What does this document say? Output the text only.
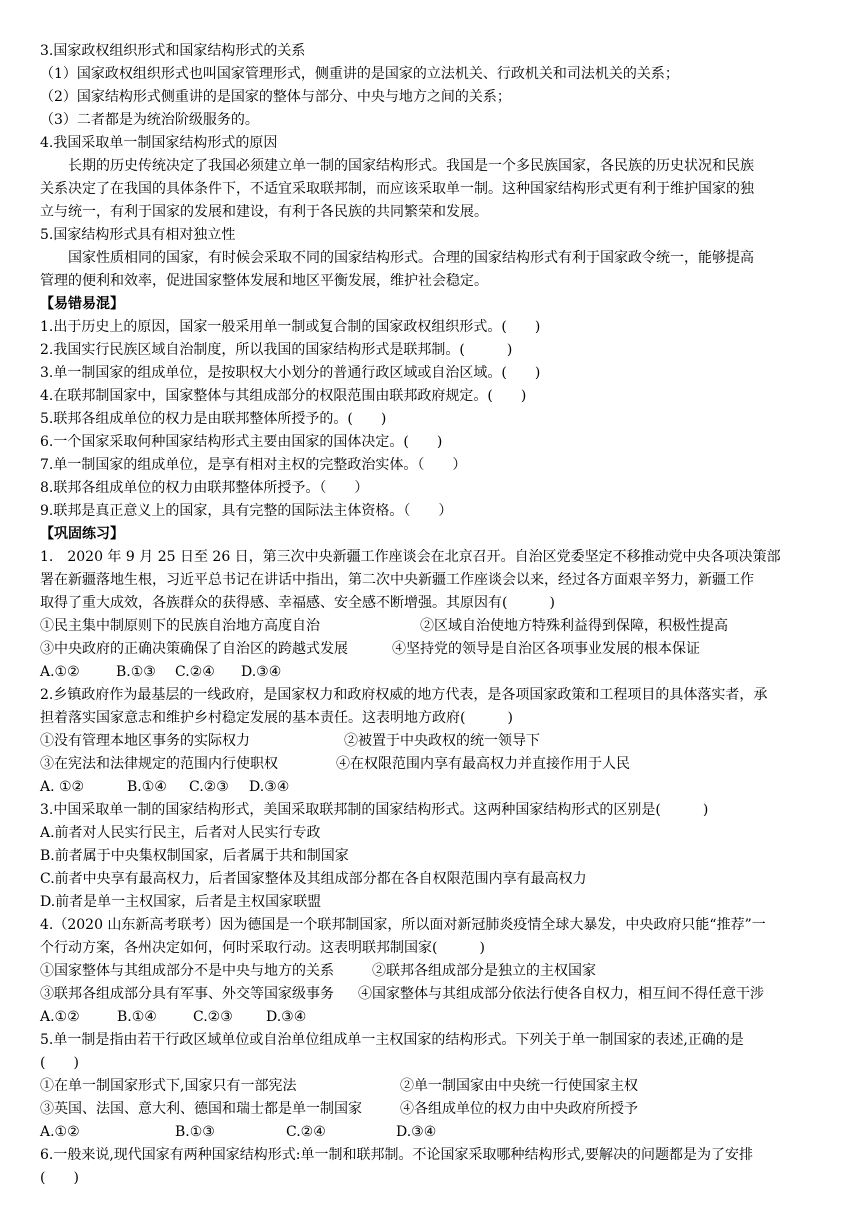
3.国家政权组织形式和国家结构形式的关系
（1）国家政权组织形式也叫国家管理形式，侧重讲的是国家的立法机关、行政机关和司法机关的关系；
（2）国家结构形式侧重讲的是国家的整体与部分、中央与地方之间的关系；
（3）二者都是为统治阶级服务的。
4.我国采取单一制国家结构形式的原因
长期的历史传统决定了我国必须建立单一制的国家结构形式。我国是一个多民族国家，各民族的历史状况和民族
关系决定了在我国的具体条件下，不适宜采取联邦制，而应该采取单一制。这种国家结构形式更有利于维护国家的独
立与统一，有利于国家的发展和建设，有利于各民族的共同繁荣和发展。
5.国家结构形式具有相对独立性
国家性质相同的国家，有时候会采取不同的国家结构形式。合理的国家结构形式有利于国家政令统一，能够提高
管理的便利和效率，促进国家整体发展和地区平衡发展，维护社会稳定。
【易错易混】
1.出于历史上的原因，国家一般采用单一制或复合制的国家政权组织形式。(　　)
2.我国实行民族区域自治制度，所以我国的国家结构形式是联邦制。(　　　)
3.单一制国家的组成单位，是按职权大小划分的普通行政区域或自治区域。(　　)
4.在联邦制国家中，国家整体与其组成部分的权限范围由联邦政府规定。(　　)
5.联邦各组成单位的权力是由联邦整体所授予的。(　　)
6.一个国家采取何种国家结构形式主要由国家的国体决定。(　　)
7.单一制国家的组成单位，是享有相对主权的完整政治实体。（　　）
8.联邦各组成单位的权力由联邦整体所授予。（　　）
9.联邦是真正意义上的国家，具有完整的国际法主体资格。（　　）
【巩固练习】
1.　2020 年 9 月 25 日至 26 日，第三次中央新疆工作座谈会在北京召开。自治区党委坚定不移推动党中央各项决策部
署在新疆落地生根，习近平总书记在讲话中指出，第二次中央新疆工作座谈会以来，经过各方面艰辛努力，新疆工作
取得了重大成效，各族群众的获得感、幸福感、安全感不断增强。其原因有(　　　)
①民主集中制原则下的民族自治地方高度自治	②区域自治使地方特殊利益得到保障，积极性提高
③中央政府的正确决策确保了自治区的跨越式发展	④坚持党的领导是自治区各项事业发展的根本保证
A.①②	B.①③	C.②④	D.③④
2.乡镇政府作为最基层的一线政府，是国家权力和政府权威的地方代表，是各项国家政策和工程项目的具体落实者，承
担着落实国家意志和维护乡村稳定发展的基本责任。这表明地方政府(　　　)
①没有管理本地区事务的实际权力	②被置于中央政权的统一领导下
③在宪法和法律规定的范围内行使职权	④在权限范围内享有最高权力并直接作用于人民
A. ①②	B.①④	C.②③	D.③④
3.中国采取单一制的国家结构形式，美国采取联邦制的国家结构形式。这两种国家结构形式的区别是(　　　)
A.前者对人民实行民主，后者对人民实行专政
B.前者属于中央集权制国家，后者属于共和制国家
C.前者中央享有最高权力，后者国家整体及其组成部分都在各自权限范围内享有最高权力
D.前者是单一主权国家，后者是主权国家联盟
4.（2020 山东新高考联考）因为德国是一个联邦制国家，所以面对新冠肺炎疫情全球大暴发，中央政府只能“推荐”一
个行动方案，各州决定如何，何时采取行动。这表明联邦制国家(　　　)
①国家整体与其组成部分不是中央与地方的关系	②联邦各组成部分是独立的主权国家
③联邦各组成部分具有军事、外交等国家级事务	④国家整体与其组成部分依法行使各自权力，相互间不得任意干涉
A.①②	B.①④	C.②③	D.③④
5.单一制是指由若干行政区域单位或自治单位组成单一主权国家的结构形式。下列关于单一制国家的表述,正确的是
(　　)
①在单一制国家形式下,国家只有一部宪法	②单一制国家由中央统一行使国家主权
③英国、法国、意大利、德国和瑞士都是单一制国家	④各组成单位的权力由中央政府所授予
A.①②	B.①③	C.②④	D.③④
6.一般来说,现代国家有两种国家结构形式:单一制和联邦制。不论国家采取哪种结构形式,要解决的问题都是为了安排
(　　)
